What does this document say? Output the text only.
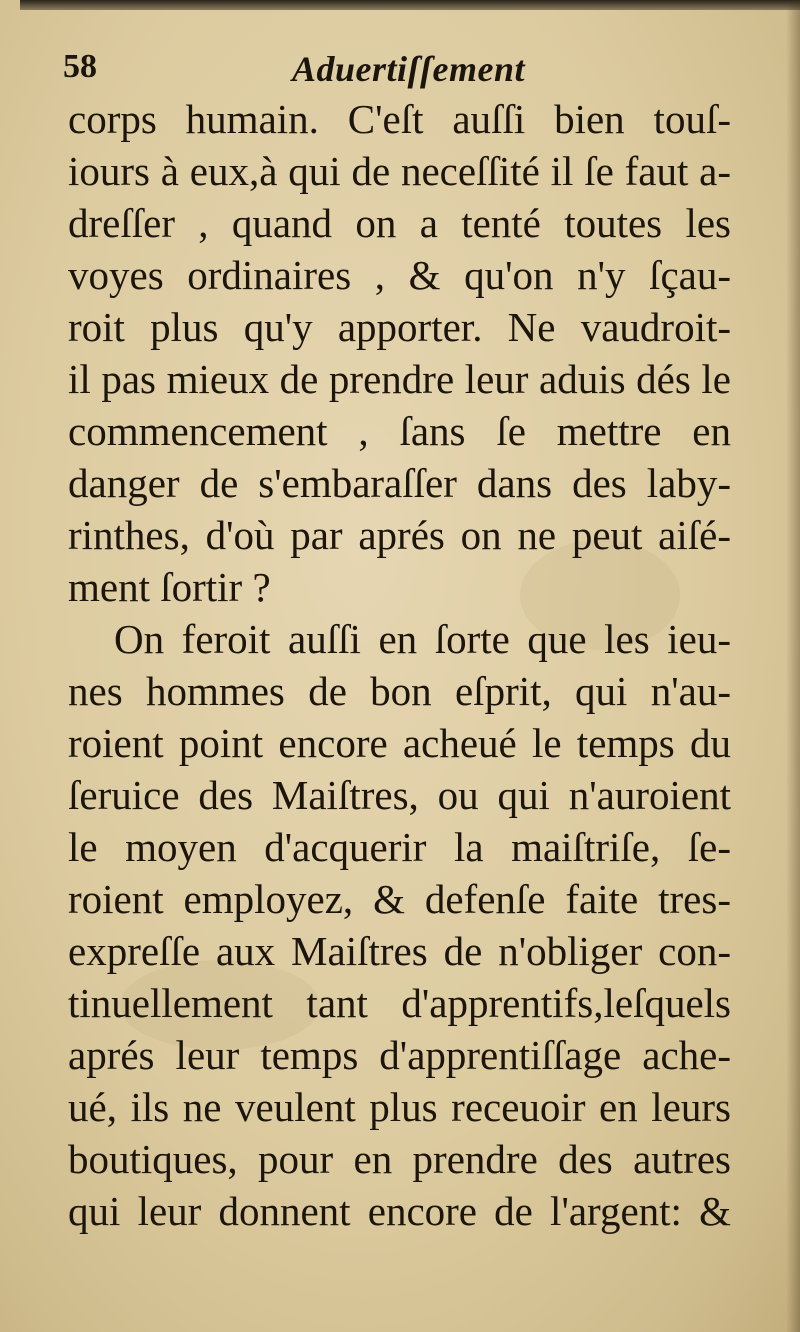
58	Aduertiſſement
corps humain. C'eſt auſſi bien touſ-
iours à eux,à qui de neceſſité il ſe faut a-
dreſſer , quand on a tenté toutes les
voyes ordinaires , & qu'on n'y ſçau-
roit plus qu'y apporter. Ne vaudroit-
il pas mieux de prendre leur aduis dés le
commencement , ſans ſe mettre en
danger de s'embaraſſer dans des laby-
rinthes, d'où par aprés on ne peut aiſé-
ment ſortir ?
On feroit auſſi en ſorte que les ieu-
nes hommes de bon eſprit, qui n'au-
roient point encore acheué le temps du
ſeruice des Maiſtres, ou qui n'auroient
le moyen d'acquerir la maiſtriſe, ſe-
roient employez, & defenſe faite tres-
expreſſe aux Maiſtres de n'obliger con-
tinuellement tant d'apprentifs,leſquels
aprés leur temps d'apprentiſſage ache-
ué, ils ne veulent plus receuoir en leurs
boutiques, pour en prendre des autres
qui leur donnent encore de l'argent: &
